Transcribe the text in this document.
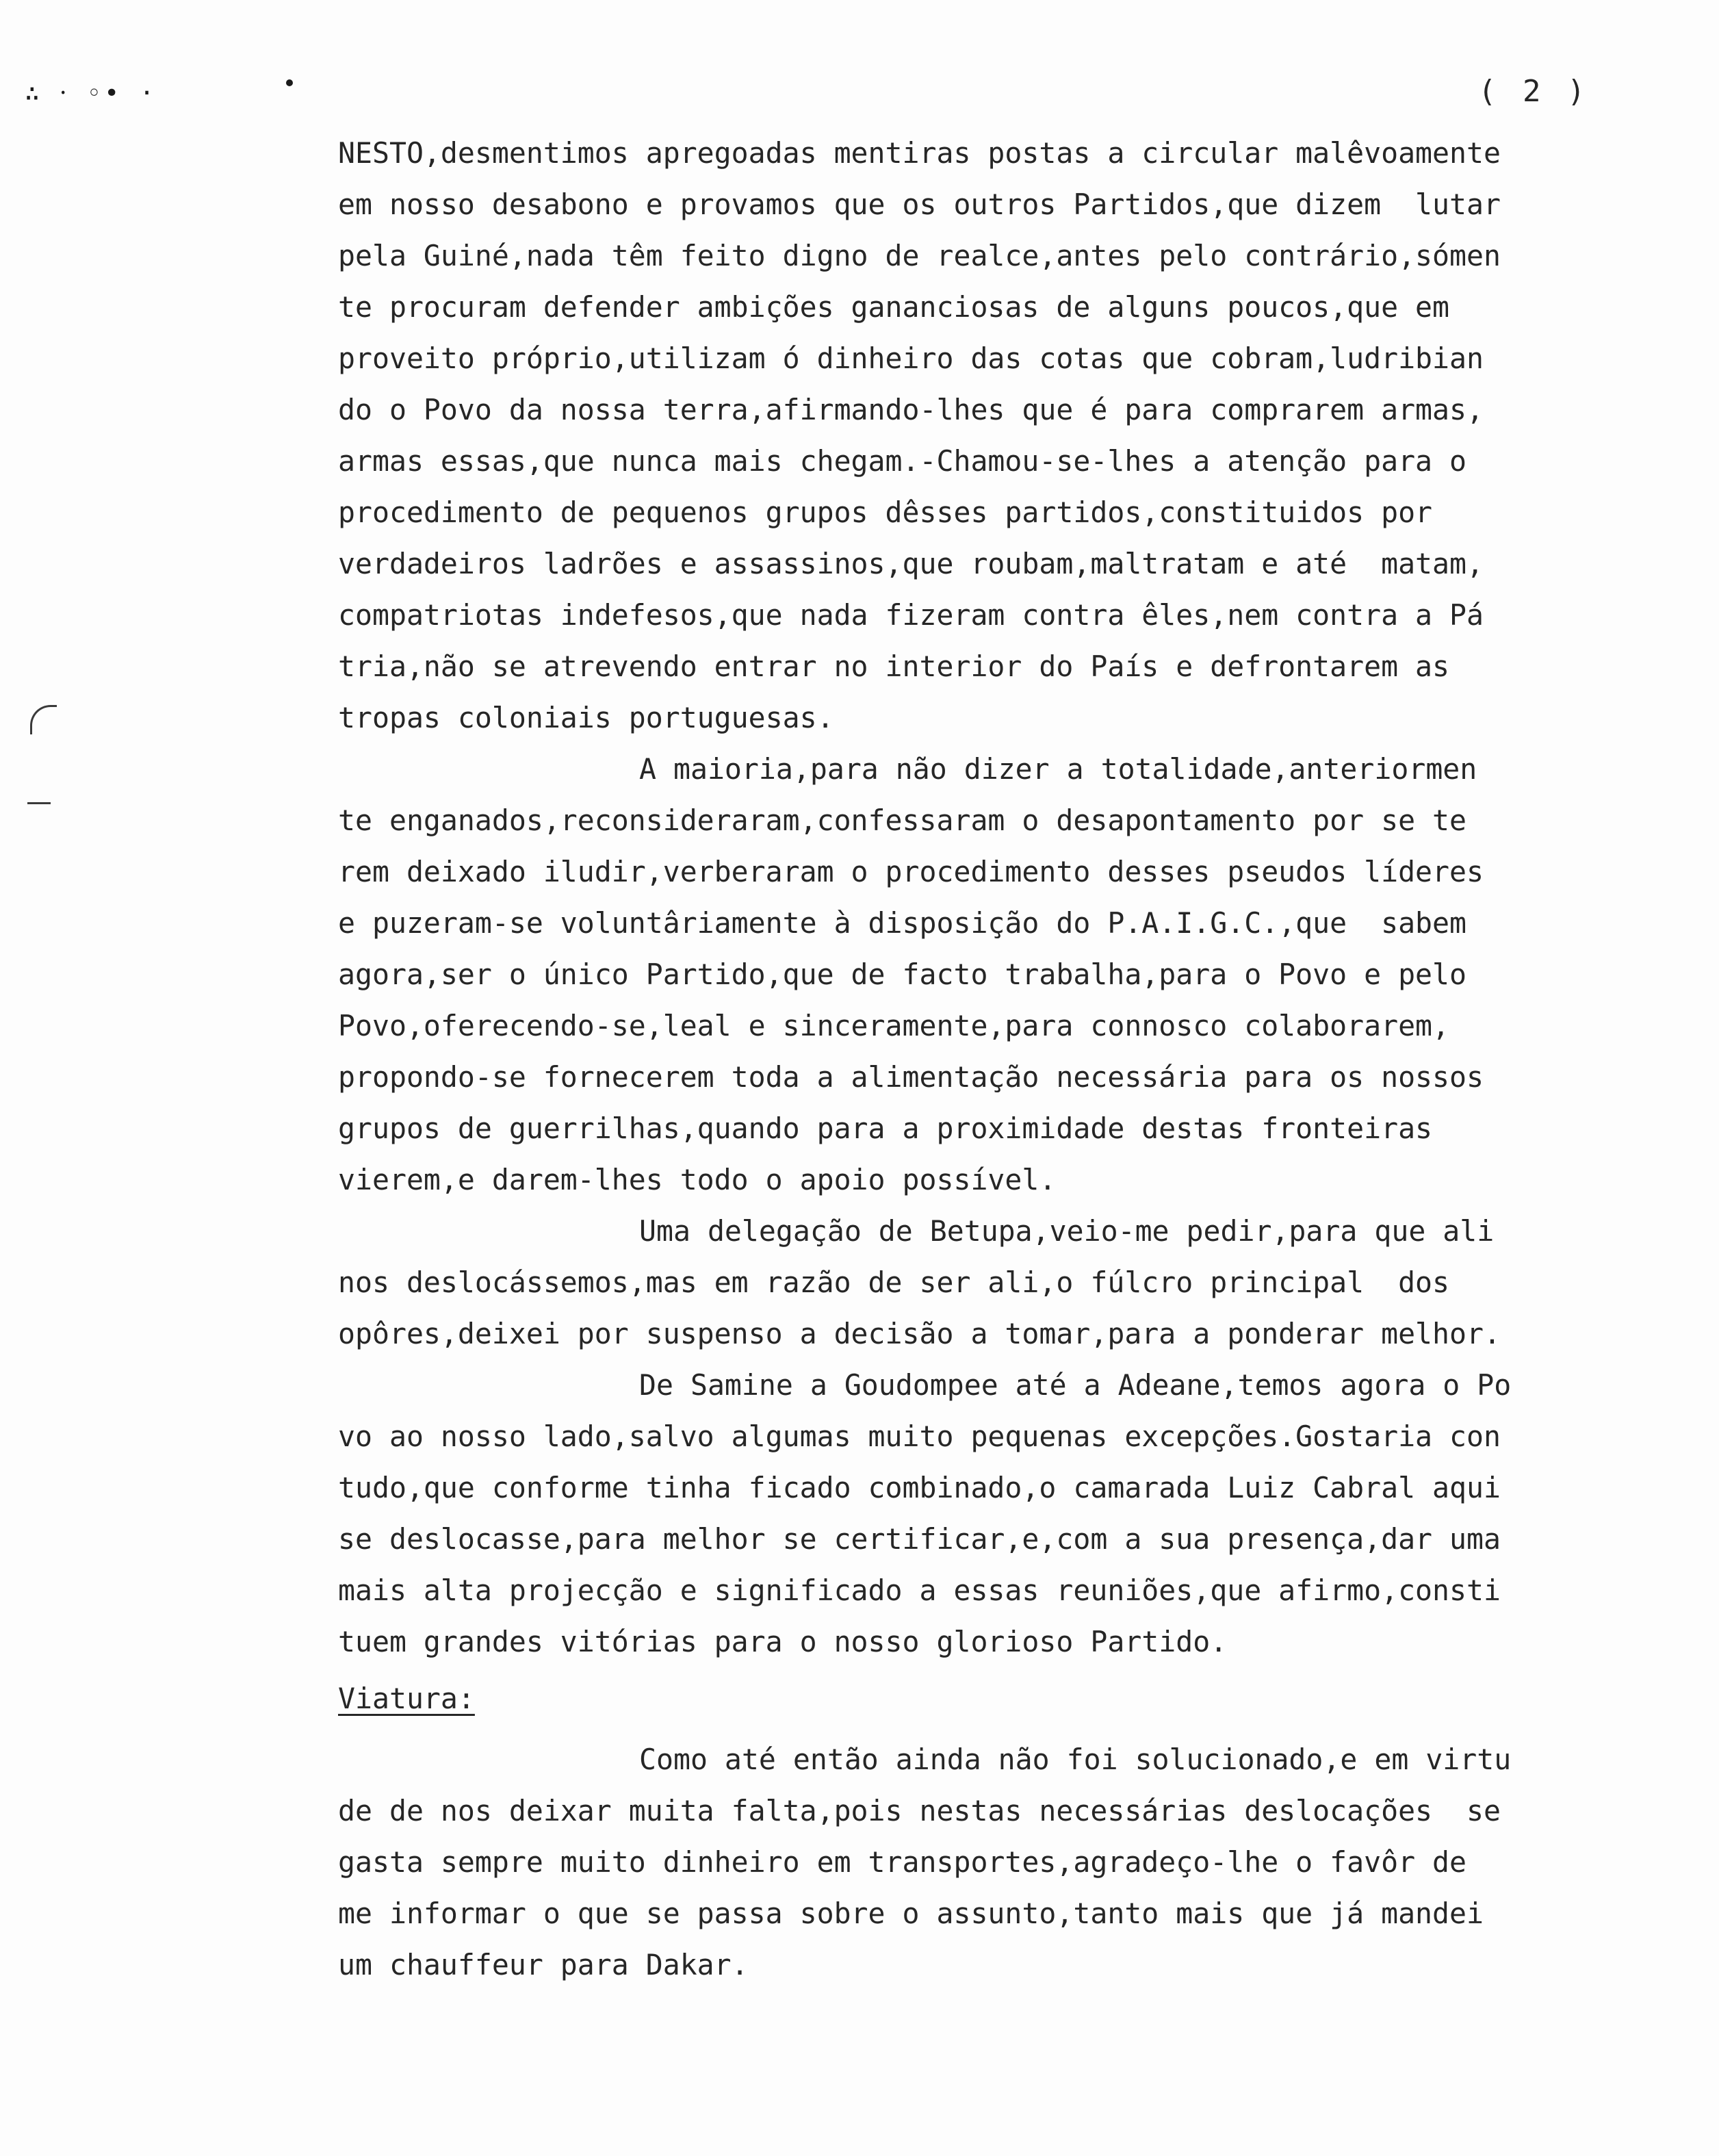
∴ ⸱ ◦• ·	( 2 )
NESTO,desmentimos apregoadas mentiras postas a circular malêvoamente
em nosso desabono e provamos que os outros Partidos,que dizem  lutar
pela Guiné,nada têm feito digno de realce,antes pelo contrário,sómen
te procuram defender ambições gananciosas de alguns poucos,que em
proveito próprio,utilizam ó dinheiro das cotas que cobram,ludribian
do o Povo da nossa terra,afirmando-lhes que é para comprarem armas,
armas essas,que nunca mais chegam.-Chamou-se-lhes a atenção para o
procedimento de pequenos grupos dêsses partidos,constituidos por
verdadeiros ladrões e assassinos,que roubam,maltratam e até  matam,
compatriotas indefesos,que nada fizeram contra êles,nem contra a Pá
tria,não se atrevendo entrar no interior do País e defrontarem as
tropas coloniais portuguesas.
A maioria,para não dizer a totalidade,anteriormen
te enganados,reconsideraram,confessaram o desapontamento por se te
rem deixado iludir,verberaram o procedimento desses pseudos líderes
e puzeram-se voluntâriamente à disposição do P.A.I.G.C.,que  sabem
agora,ser o único Partido,que de facto trabalha,para o Povo e pelo
Povo,oferecendo-se,leal e sinceramente,para connosco colaborarem,
propondo-se fornecerem toda a alimentação necessária para os nossos
grupos de guerrilhas,quando para a proximidade destas fronteiras
vierem,e darem-lhes todo o apoio possível.
Uma delegação de Betupa,veio-me pedir,para que ali
nos deslocássemos,mas em razão de ser ali,o fúlcro principal  dos
opôres,deixei por suspenso a decisão a tomar,para a ponderar melhor.
De Samine a Goudompee até a Adeane,temos agora o Po
vo ao nosso lado,salvo algumas muito pequenas excepções.Gostaria con
tudo,que conforme tinha ficado combinado,o camarada Luiz Cabral aqui
se deslocasse,para melhor se certificar,e,com a sua presença,dar uma
mais alta projecção e significado a essas reuniões,que afirmo,consti
tuem grandes vitórias para o nosso glorioso Partido.
Viatura:
Como até então ainda não foi solucionado,e em virtu
de de nos deixar muita falta,pois nestas necessárias deslocações  se
gasta sempre muito dinheiro em transportes,agradeço-lhe o favôr de
me informar o que se passa sobre o assunto,tanto mais que já mandei
um chauffeur para Dakar.
